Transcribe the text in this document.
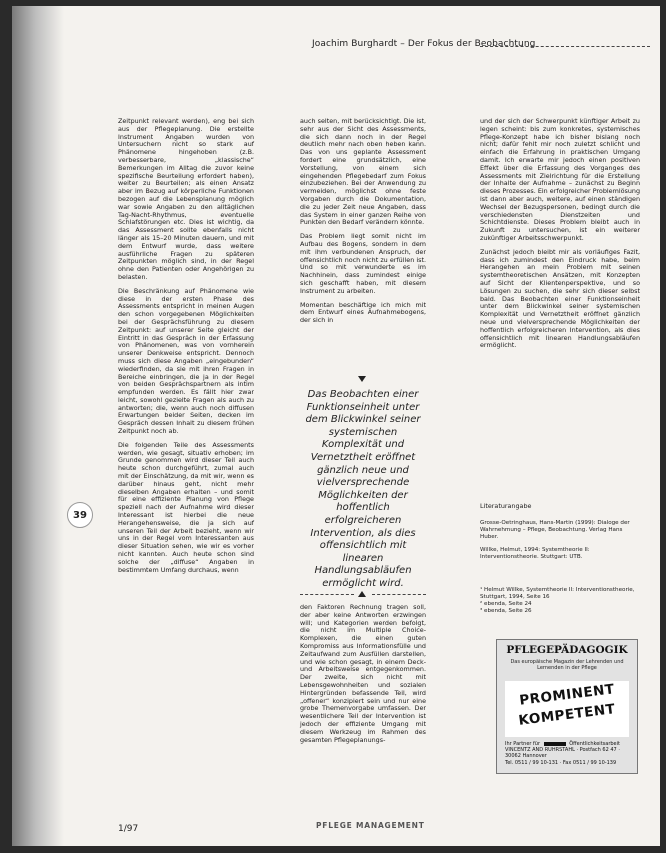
Joachim Burghardt – Der Fokus der Beobachtung
39

Zeitpunkt relevant werden), eng bei sich aus der Pflegeplanung. Die erstellte Instrument Angaben wurden von Untersuchern nicht so stark auf Phänomene hingehoben (z.B. verbesserbare, „klassische“ Bemerkungen im Alltag die zuvor keine spezifische Beurteilung erfordert haben), weiter zu Beurteilen; als einen Ansatz aber im Bezug auf körperliche Funktionen bezogen auf die Lebensplanung möglich war sowie Angaben zu den alltäglichen Tag-Nacht-Rhythmus, eventuelle Schlafstörungen etc. Dies ist wichtig, da das Assessment sollte ebenfalls nicht länger als 15–20 Minuten dauern, und mit dem Entwurf wurde, dass weitere ausführliche Fragen zu späteren Zeitpunkten möglich sind, in der Regel ohne den Patienten oder Angehörigen zu belasten.

Die Beschränkung auf Phänomene wie diese in der ersten Phase des Assessments entspricht in meinen Augen den schon vorgegebenen Möglichkeiten bei der Gesprächsführung zu diesem Zeitpunkt: auf unserer Seite gleicht der Eintritt in das Gespräch in der Erfassung von Phänomenen, was von vornherein unserer Denkweise entspricht. Dennoch muss sich diese Angaben „eingebunden“ wiederfinden, da sie mit ihren Fragen in Bereiche einbringen, die ja in der Regel von beiden Gesprächspartnern als intim empfunden werden. Es fällt hier zwar leicht, sowohl gezielte Fragen als auch zu antworten; die, wenn auch noch diffusen Erwartungen beider Seiten, decken im Gespräch dessen Inhalt zu diesem frühen Zeitpunkt noch ab.

Die folgenden Teile des Assessments werden, wie gesagt, situativ erhoben; im Grunde genommen wird dieser Teil auch heute schon durchgeführt, zumal auch mit der Einschätzung, da mit wir, wenn es darüber hinaus geht, nicht mehr dieselben Angaben erhalten – und somit für eine effiziente Planung von Pflege speziell nach der Aufnahme wird dieser Interessant ist hierbei die neue Herangehensweise, die ja sich auf unseren Teil der Arbeit bezieht, wenn wir uns in der Regel vom Interessanten aus dieser Situation sehen, wie wir es vorher nicht kannten. Auch heute schon sind solche der „diffuse“ Angaben in bestimmtem Umfang durchaus, wenn

auch selten, mit berücksichtigt. Die ist, sehr aus der Sicht des Assessments, die sich dann noch in der Regel deutlich mehr nach oben heben kann. Das von uns geplante Assessment fordert eine grundsätzlich, eine Vorstellung, von einem sich eingehenden Pflegebedarf zum Fokus einzubeziehen. Bei der Anwendung zu vermeiden, möglichst ohne feste Vorgaben durch die Dokumentation, die zu jeder Zeit neue Angaben, dass das System in einer ganzen Reihe von Punkten den Bedarf verändern könnte.

Das Problem liegt somit nicht im Aufbau des Bogens, sondern in dem mit ihm verbundenen Anspruch, der offensichtlich noch nicht zu erfüllen ist. Und so mit verwunderte es im Nachhinein, dass zumindest einige sich geschafft haben, mit diesem Instrument zu arbeiten.

Momentan beschäftige ich mich mit dem Entwurf eines Aufnahmebogens, der sich in

Das Beobachten einer Funktionseinheit unter dem Blickwinkel seiner systemischen Komplexität und Vernetztheit eröffnet gänzlich neue und vielversprechende Möglichkeiten der hoffentlich erfolgreicheren Intervention, als dies offensichtlich mit linearen Handlungsabläufen ermöglicht wird.

den Faktoren Rechnung tragen soll, der aber keine Antworten erzwingen will; und Kategorien werden befolgt, die nicht im Multiple Choice-Komplexen, die einen guten Kompromiss aus Informationsfülle und Zeitaufwand zum Ausfüllen darstellen, und wie schon gesagt, in einem Deck- und Arbeitsweise entgegenkommen. Der zweite, sich nicht mit Lebensgewohnheiten und sozialen Hintergründen befassende Teil, wird „offener“ konzipiert sein und nur eine grobe Themenvorgabe umfassen. Der wesentlichere Teil der Intervention ist jedoch der effiziente Umgang mit diesem Werkzeug im Rahmen des gesamten Pflegeplanungs-

und der sich der Schwerpunkt künftiger Arbeit zu legen scheint: bis zum konkretes, systemisches Pflege-Konzept habe ich bisher bislang noch nicht; dafür fehlt mir noch zuletzt schlicht und einfach die Erfahrung in praktischen Umgang damit. Ich erwarte mir jedoch einen positiven Effekt über die Erfassung des Vorganges des Assessments mit Zielrichtung für die Erstellung der Inhalte der Aufnahme – zunächst zu Beginn dieses Prozesses. Ein erfolgreicher Problemlösung ist dann aber auch, weitere, auf einen ständigen Wechsel der Bezugspersonen, bedingt durch die verschiedensten Dienstzeiten und Schichtdienste. Dieses Problem bleibt auch in Zukunft zu untersuchen, ist ein weiterer zukünftiger Arbeitsschwerpunkt.

Zunächst jedoch bleibt mir als vorläufiges Fazit, dass ich zumindest den Eindruck habe, beim Herangehen an mein Problem mit seinen systemtheoretischen Ansätzen, mit Konzepten auf Sicht der Klientenperspektive, und so Lösungen zu suchen, die sehr sich dieser selbst bald. Das Beobachten einer Funktionseinheit unter dem Blickwinkel seiner systemischen Komplexität und Vernetztheit eröffnet gänzlich neue und vielversprechende Möglichkeiten der hoffentlich erfolgreicheren Intervention, als dies offensichtlich mit linearen Handlungsabläufen ermöglicht.

Literaturangabe

Grosse-Oetringhaus, Hans-Martin (1999): Dialoge der Wahrnehmung – Pflege, Beobachtung. Verlag Hans Huber.

Willke, Helmut, 1994: Systemtheorie II: Interventionstheorie. Stuttgart: UTB.

¹ Helmut Willke, Systemtheorie II: Interventionstheorie, Stuttgart, 1994, Seite 16
² ebenda, Seite 24
³ ebenda, Seite 26
PFLEGEPÄDAGOGIK
Das europäische Magazin der Lehrenden und Lernenden in der Pflege
PROMINENT
KOMPETENT
Ihr Partner für	Öffentlichkeitsarbeit
VINCENTZ AND RUHRSTAHL · Postfach 62 47 · 30062 Hannover
Tel. 0511 / 99 10-131 · Fax 0511 / 99 10-139
1/97	PFLEGE MANAGEMENT
